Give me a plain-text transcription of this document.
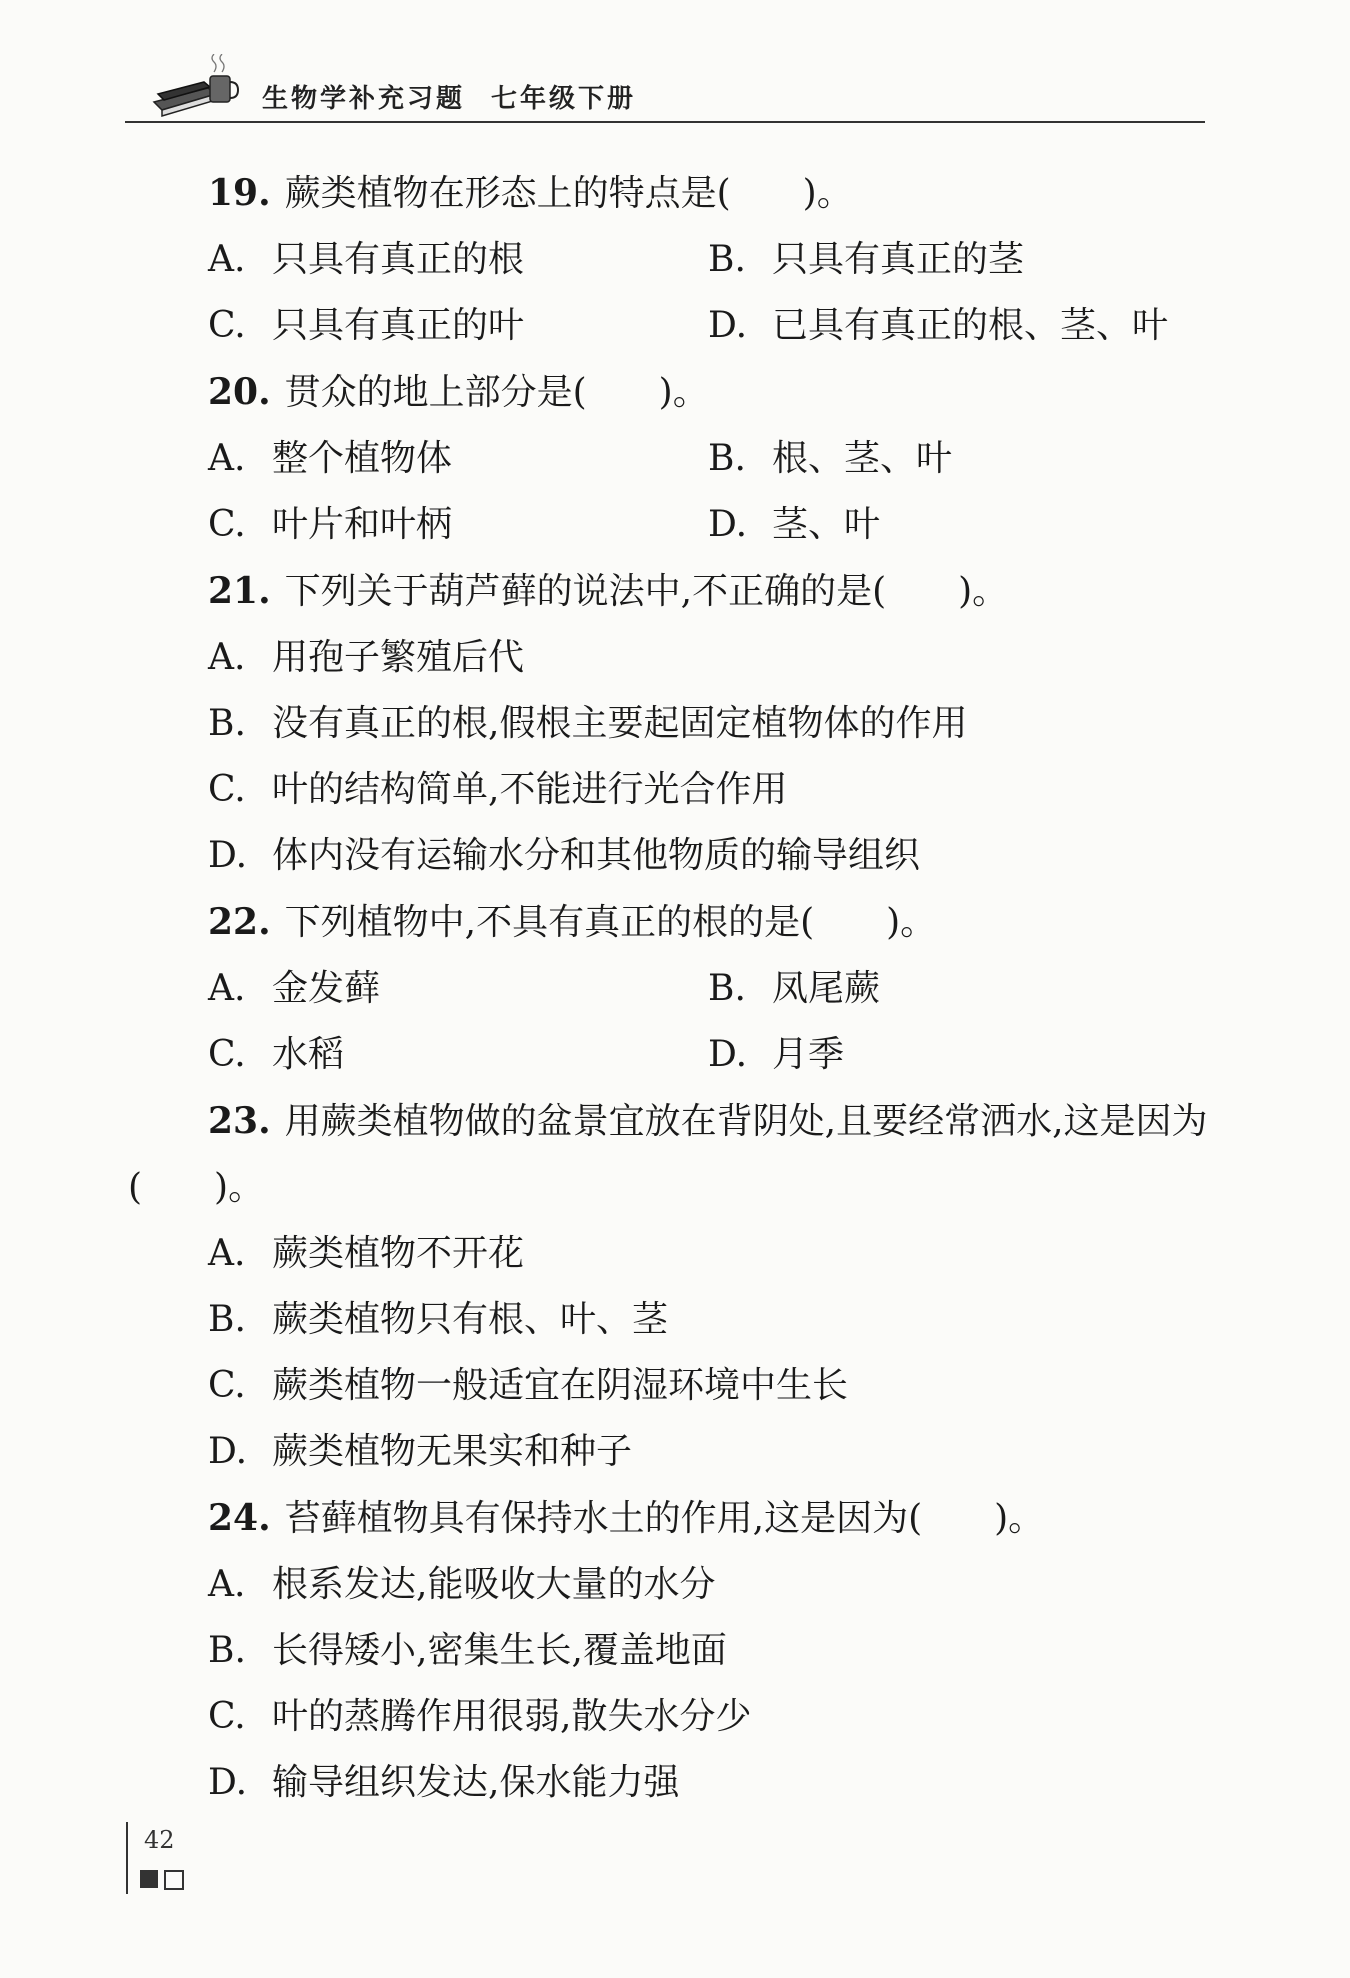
生物学补充习题 七年级下册
19. 蕨类植物在形态上的特点是(　　)。
A. 只具有真正的根	B. 只具有真正的茎
C. 只具有真正的叶	D. 已具有真正的根、茎、叶
20. 贯众的地上部分是(　　)。
A. 整个植物体	B. 根、茎、叶
C. 叶片和叶柄	D. 茎、叶
21. 下列关于葫芦藓的说法中,不正确的是(　　)。
A. 用孢子繁殖后代
B. 没有真正的根,假根主要起固定植物体的作用
C. 叶的结构简单,不能进行光合作用
D. 体内没有运输水分和其他物质的输导组织
22. 下列植物中,不具有真正的根的是(　　)。
A. 金发藓	B. 凤尾蕨
C. 水稻	D. 月季
23. 用蕨类植物做的盆景宜放在背阴处,且要经常洒水,这是因为(　　)。
A. 蕨类植物不开花
B. 蕨类植物只有根、叶、茎
C. 蕨类植物一般适宜在阴湿环境中生长
D. 蕨类植物无果实和种子
24. 苔藓植物具有保持水土的作用,这是因为(　　)。
A. 根系发达,能吸收大量的水分
B. 长得矮小,密集生长,覆盖地面
C. 叶的蒸腾作用很弱,散失水分少
D. 输导组织发达,保水能力强
42
